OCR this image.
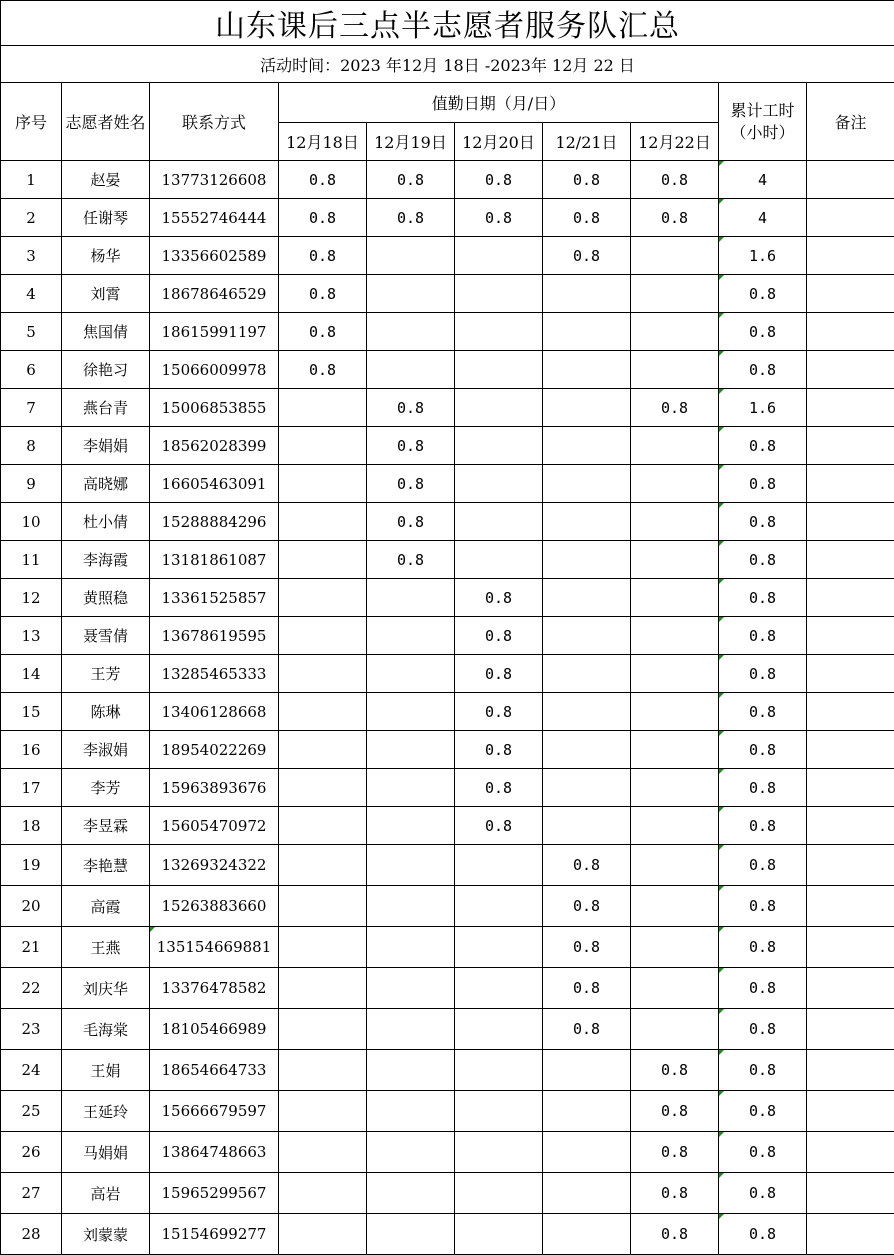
山东课后三点半志愿者服务队汇总									
活动时间：2023 年12月 18日 -2023年 12月 22 日									
序号	志愿者姓名	联系方式	值勤日期（月/日）					累计工时（小时）	备注
			12月18日	12月19日	12月20日	12/21日	12月22日		
1	赵晏	13773126608	0.8	0.8	0.8	0.8	0.8	4	
2	任谢琴	15552746444	0.8	0.8	0.8	0.8	0.8	4	
3	杨华	13356602589	0.8			0.8		1.6	
4	刘霄	18678646529	0.8					0.8	
5	焦国倩	18615991197	0.8					0.8	
6	徐艳习	15066009978	0.8					0.8	
7	燕台青	15006853855		0.8			0.8	1.6	
8	李娟娟	18562028399		0.8				0.8	
9	高晓娜	16605463091		0.8				0.8	
10	杜小倩	15288884296		0.8				0.8	
11	李海霞	13181861087		0.8				0.8	
12	黄照稳	13361525857			0.8			0.8	
13	聂雪倩	13678619595			0.8			0.8	
14	王芳	13285465333			0.8			0.8	
15	陈琳	13406128668			0.8			0.8	
16	李淑娟	18954022269			0.8			0.8	
17	李芳	15963893676			0.8			0.8	
18	李昱霖	15605470972			0.8			0.8	
19	李艳慧	13269324322				0.8		0.8	
20	高霞	15263883660				0.8		0.8	
21	王燕	135154669881				0.8		0.8	
22	刘庆华	13376478582				0.8		0.8	
23	毛海棠	18105466989				0.8		0.8	
24	王娟	18654664733					0.8	0.8	
25	王延玲	15666679597					0.8	0.8	
26	马娟娟	13864748663					0.8	0.8	
27	高岩	15965299567					0.8	0.8	
28	刘蒙蒙	15154699277					0.8	0.8	
